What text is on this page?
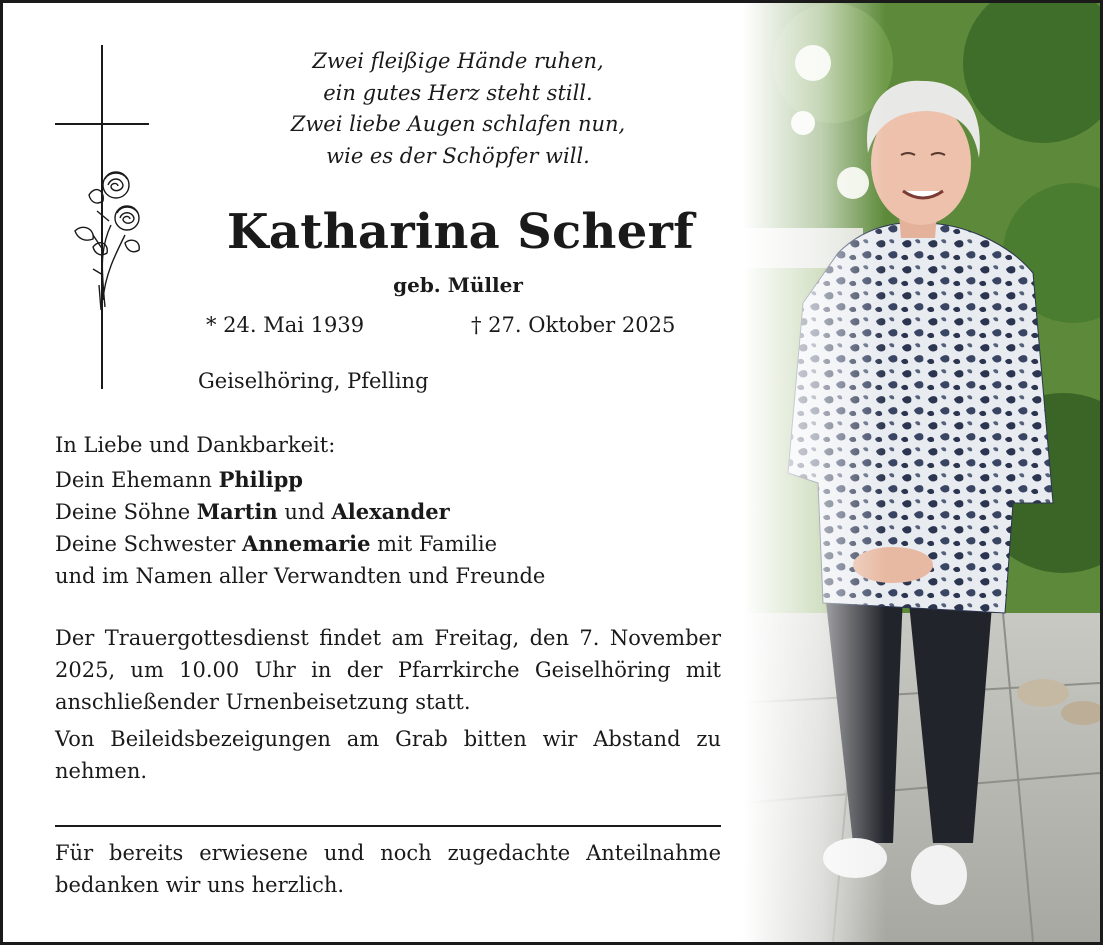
Zwei fleißige Hände ruhen,
ein gutes Herz steht still.
Zwei liebe Augen schlafen nun,
wie es der Schöpfer will.
Katharina Scherf
geb. Müller
* 24. Mai 1939	† 27. Oktober 2025
Geiselhöring, Pfelling
In Liebe und Dankbarkeit:
Dein Ehemann Philipp
Deine Söhne Martin und Alexander
Deine Schwester Annemarie mit Familie
und im Namen aller Verwandten und Freunde

Der Trauergottesdienst findet am Freitag, den 7. November 2025, um 10.00 Uhr in der Pfarrkirche Geiselhöring mit anschließender Urnenbeisetzung statt.

Von Beileidsbezeigungen am Grab bitten wir Abstand zu nehmen.

Für bereits erwiesene und noch zugedachte Anteilnahme bedanken wir uns herzlich.
